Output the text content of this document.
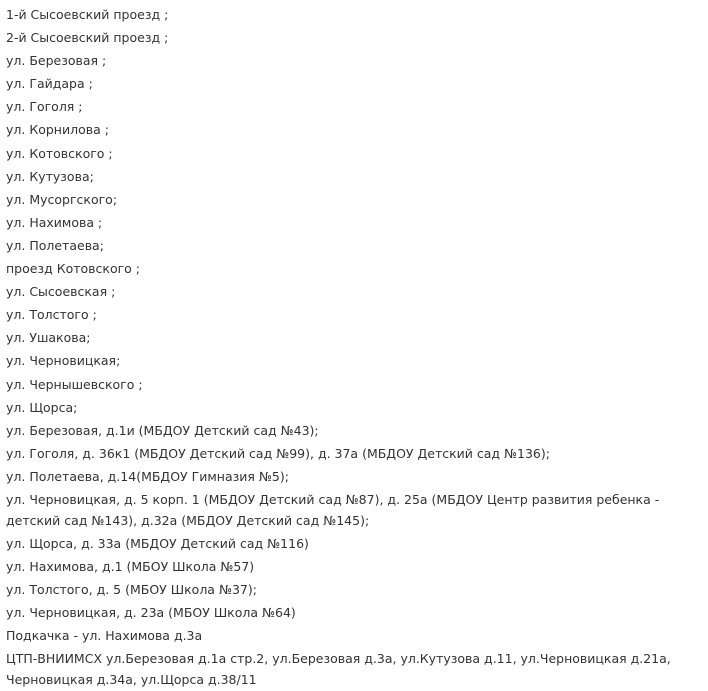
1-й Сысоевский проезд ;
2-й Сысоевский проезд ;
ул. Березовая ;
ул. Гайдара ;
ул. Гоголя ;
ул. Корнилова ;
ул. Котовского ;
ул. Кутузова;
ул. Мусоргского;
ул. Нахимова ;
ул. Полетаева;
проезд Котовского ;
ул. Сысоевская ;
ул. Толстого ;
ул. Ушакова;
ул. Черновицкая;
ул. Чернышевского ;
ул. Щорса;
ул. Березовая, д.1и (МБДОУ Детский сад №43);
ул. Гоголя, д. 36к1 (МБДОУ Детский сад №99), д. 37а (МБДОУ Детский сад №136);
ул. Полетаева, д.14(МБДОУ Гимназия №5);
ул. Черновицкая, д. 5 корп. 1 (МБДОУ Детский сад №87), д. 25а (МБДОУ Центр развития ребенка - детский сад №143), д.32а (МБДОУ Детский сад №145);
ул. Щорса, д. 33а (МБДОУ Детский сад №116)
ул. Нахимова, д.1 (МБОУ Школа №57)
ул. Толстого, д. 5 (МБОУ Школа №37);
ул. Черновицкая, д. 23а (МБОУ Школа №64)
Подкачка - ул. Нахимова д.3а
ЦТП-ВНИИМСХ ул.Березовая д.1а стр.2, ул.Березовая д.3а, ул.Кутузова д.11, ул.Черновицкая д.21а, Черновицкая д.34а, ул.Щорса д.38/11
